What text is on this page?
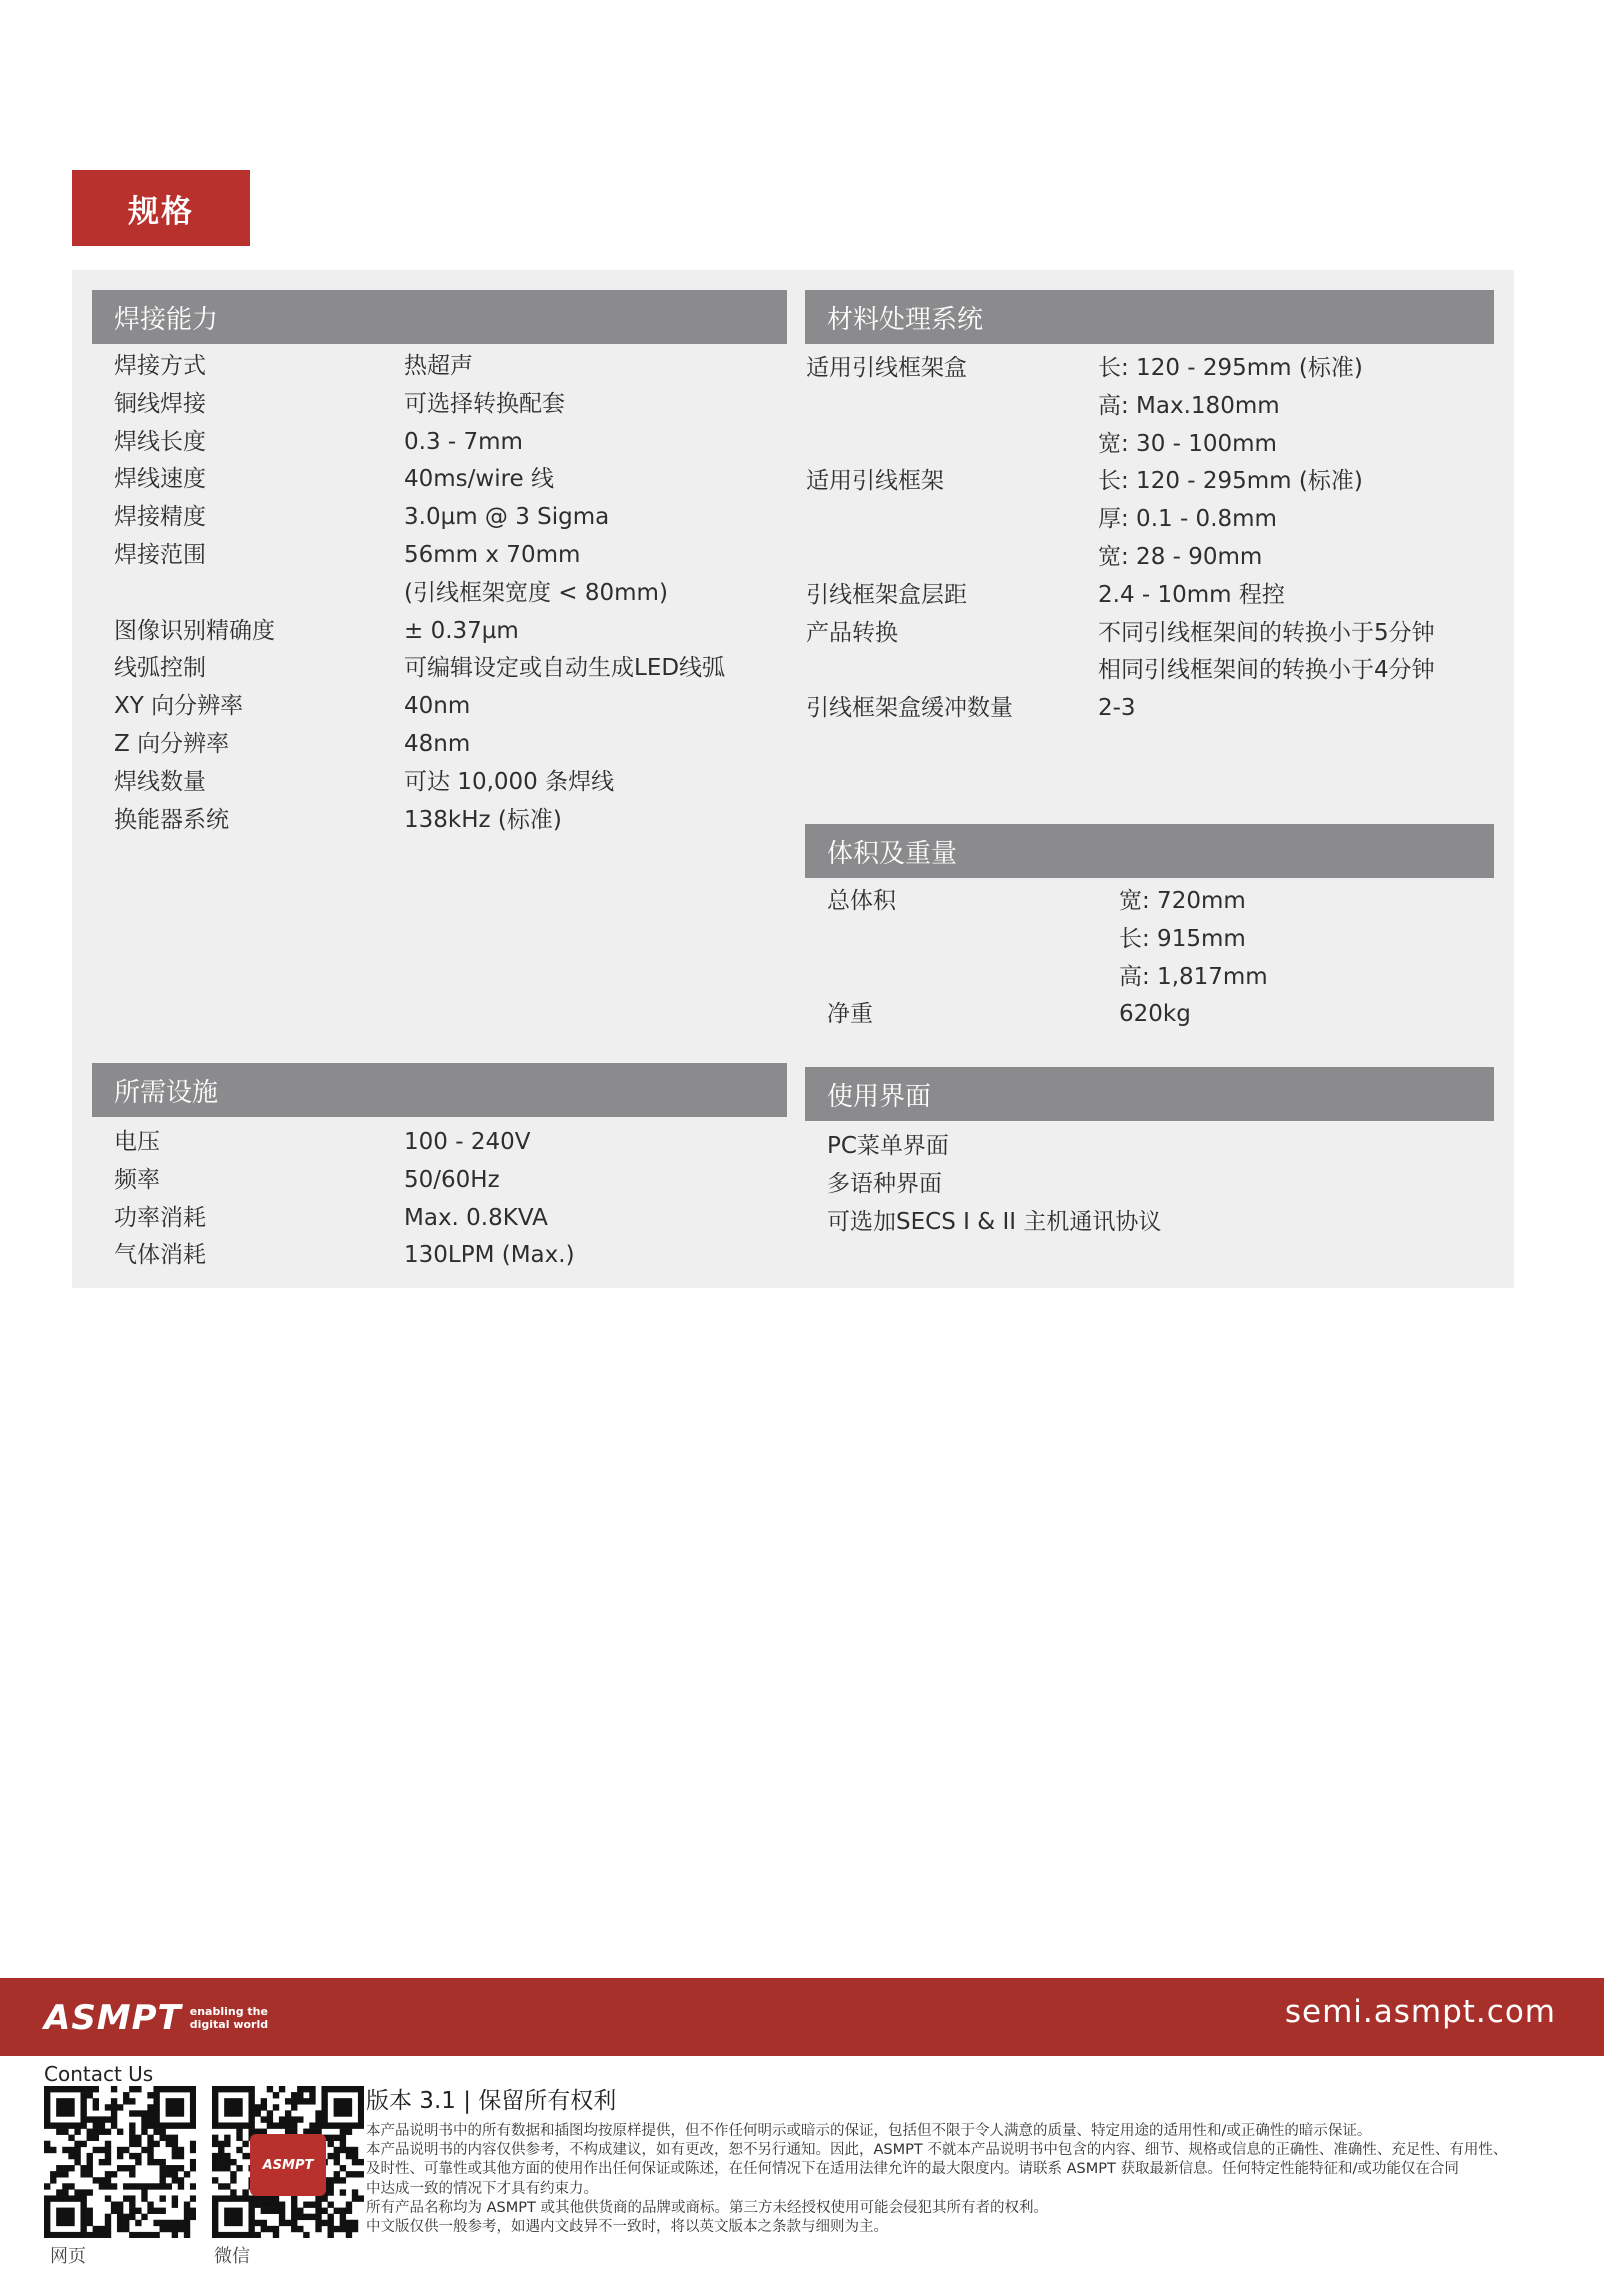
规格
焊接能力
焊接方式	热超声
铜线焊接	可选择转换配套
焊线长度	0.3 - 7mm
焊线速度	40ms/wire 线
焊接精度	3.0µm @ 3 Sigma
焊接范围	56mm x 70mm
(引线框架宽度 < 80mm)
图像识别精确度	± 0.37µm
线弧控制	可编辑设定或自动生成LED线弧
XY 向分辨率	40nm
Z 向分辨率	48nm
焊线数量	可达 10,000 条焊线
换能器系统	138kHz (标准)
材料处理系统
适用引线框架盒	长: 120 - 295mm (标准)
高: Max.180mm
宽: 30 - 100mm
适用引线框架	长: 120 - 295mm (标准)
厚: 0.1 - 0.8mm
宽: 28 - 90mm
引线框架盒层距	2.4 - 10mm 程控
产品转换	不同引线框架间的转换小于5分钟
相同引线框架间的转换小于4分钟
引线框架盒缓冲数量	2-3
体积及重量
总体积	宽: 720mm
长: 915mm
高: 1,817mm
净重	620kg
所需设施
电压	100 - 240V
频率	50/60Hz
功率消耗	Max. 0.8KVA
气体消耗	130LPM (Max.)
使用界面
PC菜单界面
多语种界面
可选加SECS I & II 主机通讯协议
ASMPT enabling the
digital world	semi.asmpt.com
Contact Us
网页
ASMPT
微信
版本 3.1 | 保留所有权利
本产品说明书中的所有数据和插图均按原样提供，但不作任何明示或暗示的保证，包括但不限于令人满意的质量、特定用途的适用性和/或正确性的暗示保证。
本产品说明书的内容仅供参考，不构成建议，如有更改，恕不另行通知。因此，ASMPT 不就本产品说明书中包含的内容、细节、规格或信息的正确性、准确性、充足性、有用性、
及时性、可靠性或其他方面的使用作出任何保证或陈述，在任何情况下在适用法律允许的最大限度内。请联系 ASMPT 获取最新信息。任何特定性能特征和/或功能仅在合同
中达成一致的情况下才具有约束力。
所有产品名称均为 ASMPT 或其他供货商的品牌或商标。第三方未经授权使用可能会侵犯其所有者的权利。
中文版仅供一般参考，如遇内文歧异不一致时，将以英文版本之条款与细则为主。
